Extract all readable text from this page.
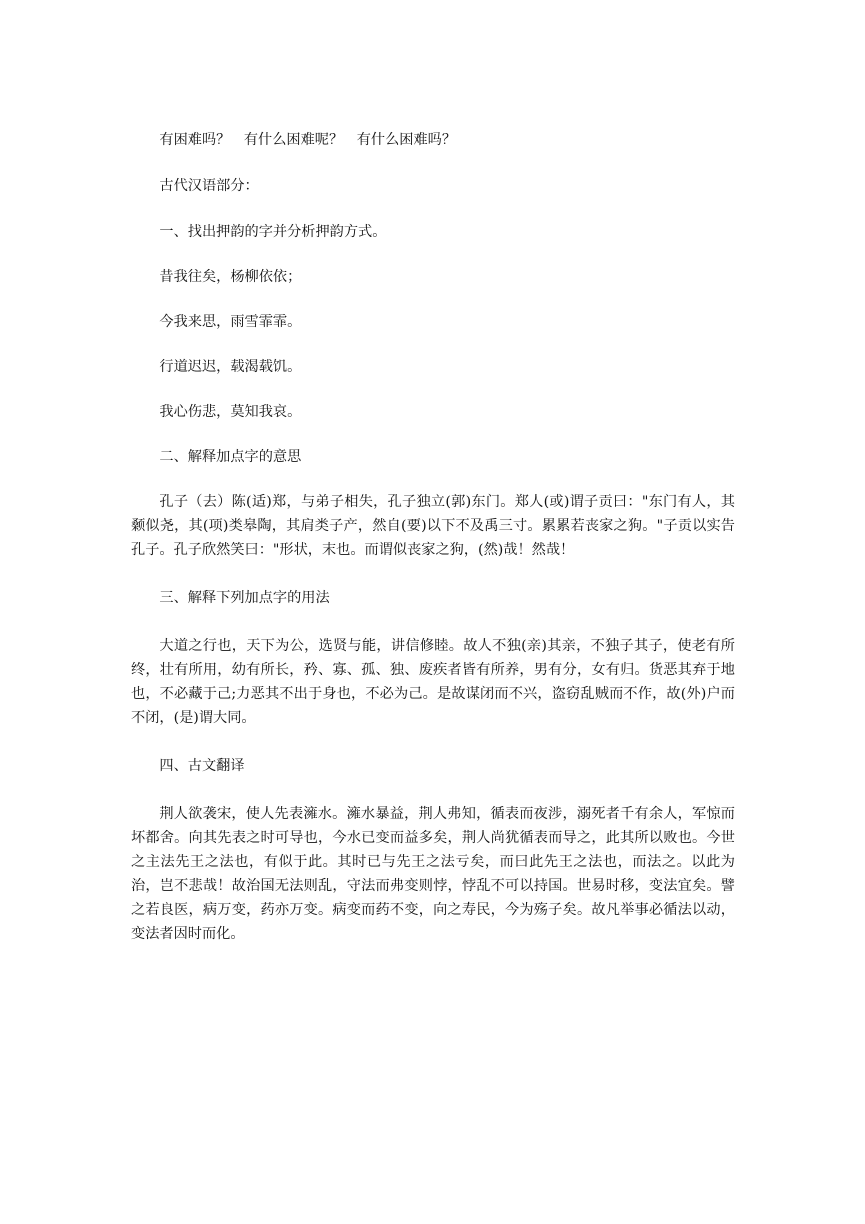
有困难吗？   有什么困难呢？   有什么困难吗？

古代汉语部分：

一、找出押韵的字并分析押韵方式。

昔我往矣，杨柳依依；

今我来思，雨雪霏霏。

行道迟迟，载渴载饥。

我心伤悲，莫知我哀。

二、解释加点字的意思

孔子（去）陈(适)郑，与弟子相失，孔子独立(郭)东门。郑人(或)谓子贡曰："东门有人，其颡似尧，其(项)类皋陶，其肩类子产，然自(要)以下不及禹三寸。累累若丧家之狗。"子贡以实告孔子。孔子欣然笑曰："形状，末也。而谓似丧家之狗，(然)哉！然哉！

三、解释下列加点字的用法

大道之行也，天下为公，选贤与能，讲信修睦。故人不独(亲)其亲，不独子其子，使老有所终，壮有所用，幼有所长，矜、寡、孤、独、废疾者皆有所养，男有分，女有归。货恶其弃于地也，不必藏于己;力恶其不出于身也，不必为己。是故谋闭而不兴，盗窃乱贼而不作，故(外)户而不闭，(是)谓大同。

四、古文翻译

荆人欲袭宋，使人先表澭水。澭水暴益，荆人弗知，循表而夜涉，溺死者千有余人，军惊而坏都舍。向其先表之时可导也，今水已变而益多矣，荆人尚犹循表而导之，此其所以败也。今世之主法先王之法也，有似于此。其时已与先王之法亏矣，而曰此先王之法也，而法之。以此为治，岂不悲哉！故治国无法则乱，守法而弗变则悖，悖乱不可以持国。世易时移，变法宜矣。譬之若良医，病万变，药亦万变。病变而药不变，向之寿民，今为殇子矣。故凡举事必循法以动，变法者因时而化。
